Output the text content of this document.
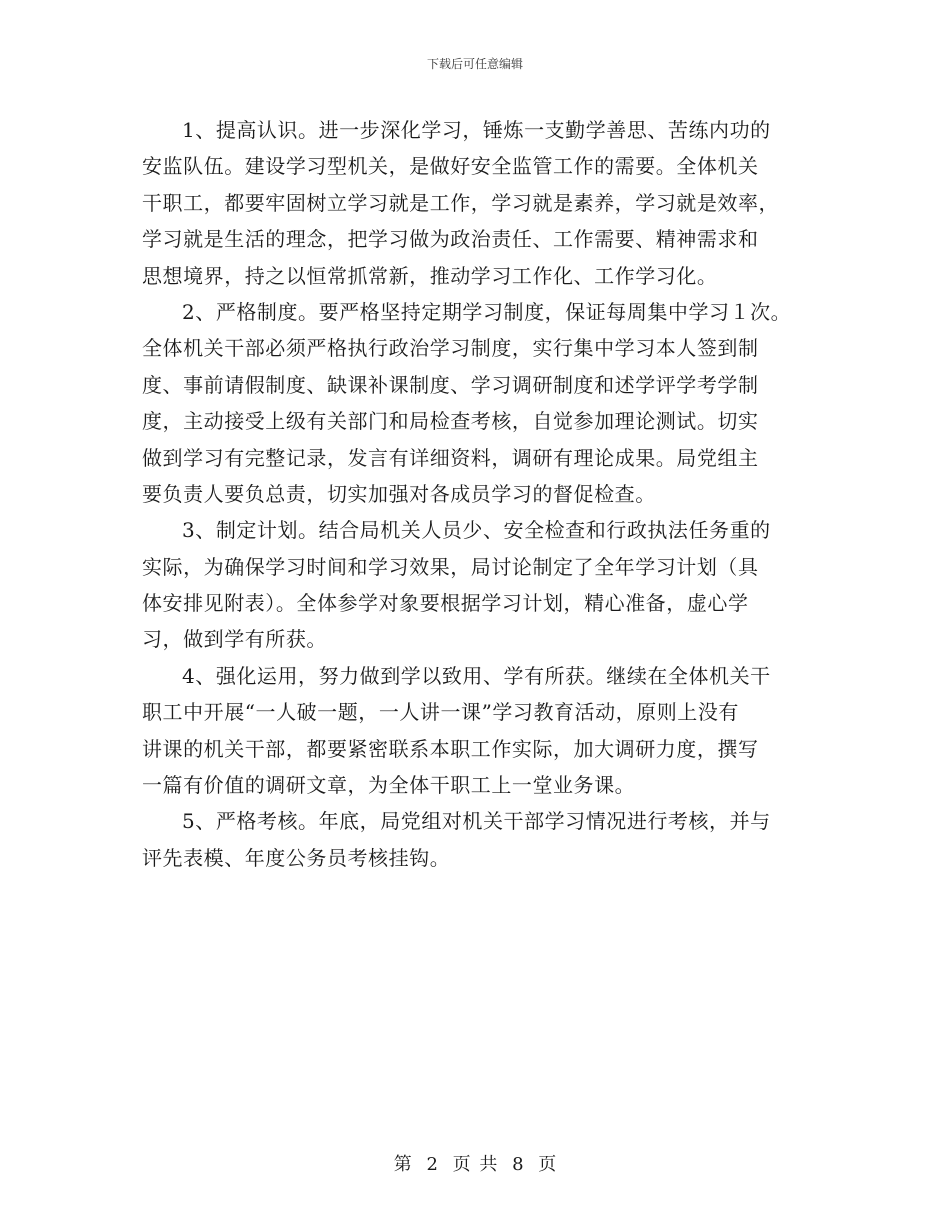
下载后可任意编辑
1、提高认识。进一步深化学习，锤炼一支勤学善思、苦练内功的
安监队伍。建设学习型机关，是做好安全监管工作的需要。全体机关
干职工，都要牢固树立学习就是工作，学习就是素养，学习就是效率，
学习就是生活的理念，把学习做为政治责任、工作需要、精神需求和
思想境界，持之以恒常抓常新，推动学习工作化、工作学习化。
2、严格制度。要严格坚持定期学习制度，保证每周集中学习１次。
全体机关干部必须严格执行政治学习制度，实行集中学习本人签到制
度、事前请假制度、缺课补课制度、学习调研制度和述学评学考学制
度，主动接受上级有关部门和局检查考核，自觉参加理论测试。切实
做到学习有完整记录，发言有详细资料，调研有理论成果。局党组主
要负责人要负总责，切实加强对各成员学习的督促检查。
3、制定计划。结合局机关人员少、安全检查和行政执法任务重的
实际，为确保学习时间和学习效果，局讨论制定了全年学习计划（具
体安排见附表）。全体参学对象要根据学习计划，精心准备，虚心学
习，做到学有所获。
4、强化运用，努力做到学以致用、学有所获。继续在全体机关干
职工中开展“一人破一题，一人讲一课”学习教育活动，原则上没有
讲课的机关干部，都要紧密联系本职工作实际，加大调研力度，撰写
一篇有价值的调研文章，为全体干职工上一堂业务课。
5、严格考核。年底，局党组对机关干部学习情况进行考核，并与
评先表模、年度公务员考核挂钩。
第 2 页 共 8 页
